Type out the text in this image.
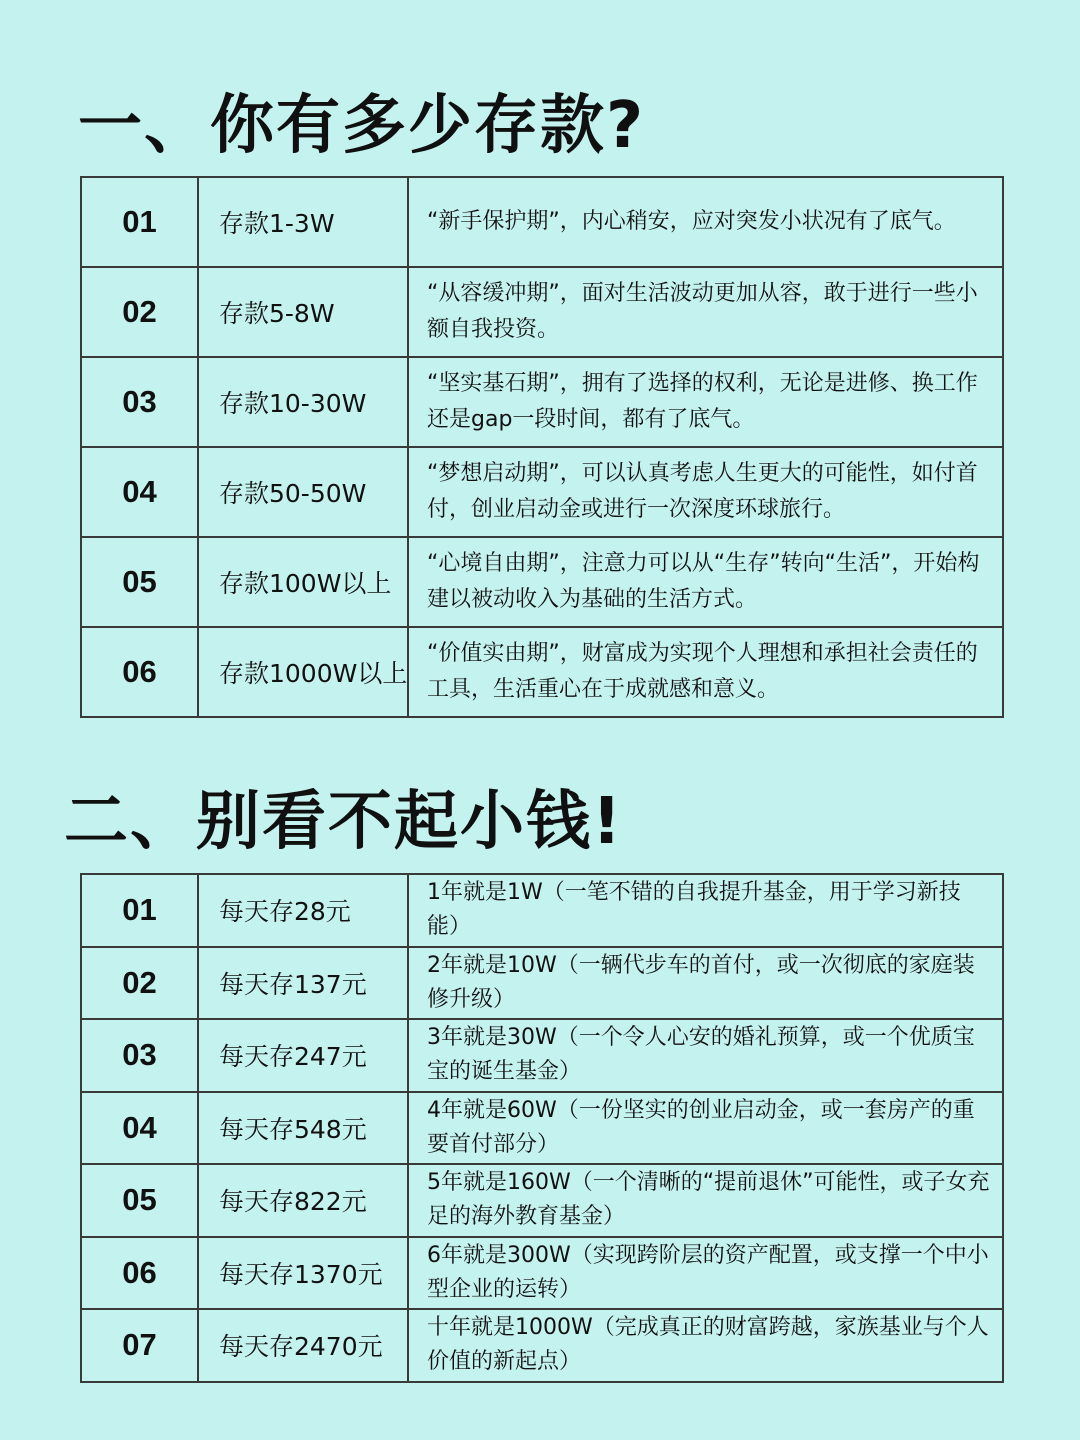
一、你有多少存款?
01	存款1-3W	“新手保护期”，内心稍安，应对突发小状况有了底气。
02	存款5-8W	“从容缓冲期”，面对生活波动更加从容，敢于进行一些小额自我投资。
03	存款10-30W	“坚实基石期”，拥有了选择的权利，无论是进修、换工作还是gap一段时间，都有了底气。
04	存款50-50W	“梦想启动期”，可以认真考虑人生更大的可能性，如付首付，创业启动金或进行一次深度环球旅行。
05	存款100W以上	“心境自由期”，注意力可以从“生存”转向“生活”，开始构建以被动收入为基础的生活方式。
06	存款1000W以上	“价值实由期”，财富成为实现个人理想和承担社会责任的工具，生活重心在于成就感和意义。
二、别看不起小钱!
01	每天存28元	1年就是1W（一笔不错的自我提升基金，用于学习新技能）
02	每天存137元	2年就是10W（一辆代步车的首付，或一次彻底的家庭装修升级）
03	每天存247元	3年就是30W（一个令人心安的婚礼预算，或一个优质宝宝的诞生基金）
04	每天存548元	4年就是60W（一份坚实的创业启动金，或一套房产的重要首付部分）
05	每天存822元	5年就是160W（一个清晰的“提前退休”可能性，或子女充足的海外教育基金）
06	每天存1370元	6年就是300W（实现跨阶层的资产配置，或支撑一个中小型企业的运转）
07	每天存2470元	十年就是1000W（完成真正的财富跨越，家族基业与个人价值的新起点）
